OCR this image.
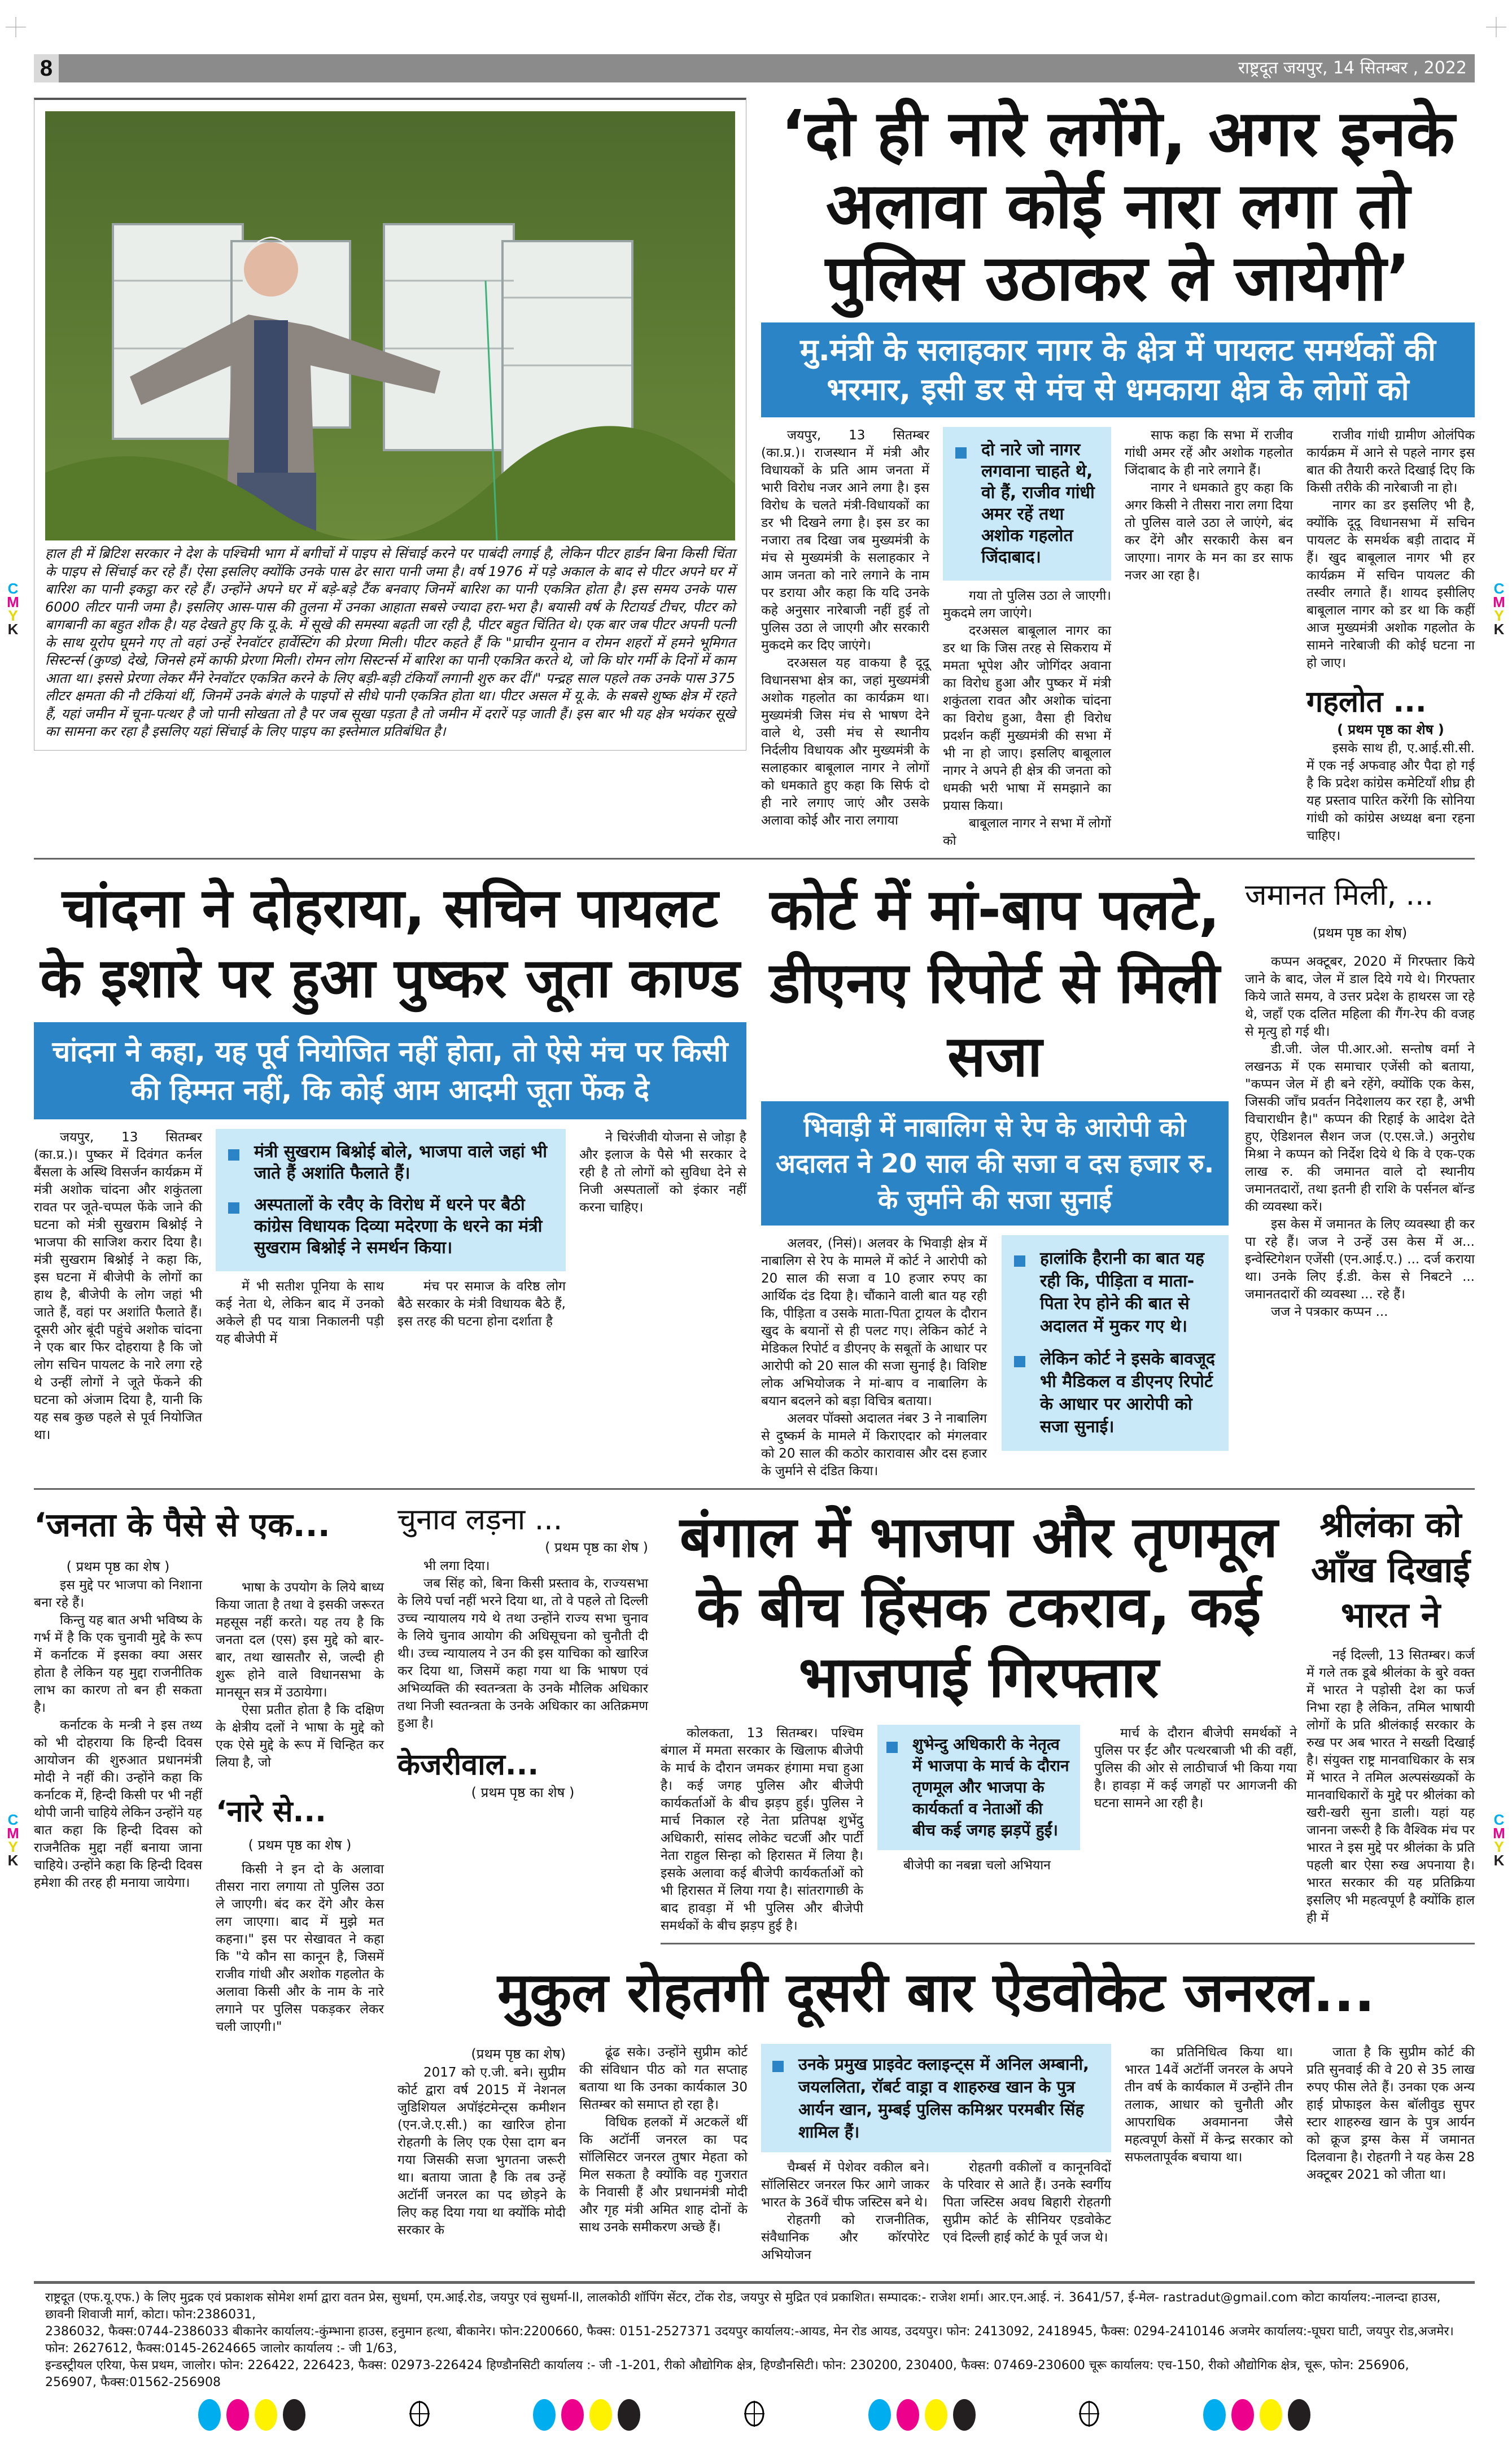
8	राष्ट्रदूत जयपुर, 14 सितम्बर , 2022
हाल ही में ब्रिटिश सरकार ने देश के पश्चिमी भाग में बगीचों में पाइप से सिंचाई करने पर पाबंदी लगाई है, लेकिन पीटर हार्डन बिना किसी चिंता के पाइप से सिंचाई कर रहे हैं। ऐसा इसलिए क्योंकि उनके पास ढेर सारा पानी जमा है। वर्ष 1976 में पड़े अकाल के बाद से पीटर अपने घर में बारिश का पानी इकट्ठा कर रहे हैं। उन्होंने अपने घर में बड़े-बड़े टैंक बनवाए जिनमें बारिश का पानी एकत्रित होता है। इस समय उनके पास 6000 लीटर पानी जमा है। इसलिए आस-पास की तुलना में उनका आहाता सबसे ज्यादा हरा-भरा है। बयासी वर्ष के रिटायर्ड टीचर, पीटर को बागबानी का बहुत शौक है। यह देखते हुए कि यू.के. में सूखे की समस्या बढ़ती जा रही है, पीटर बहुत चिंतित थे। एक बार जब पीटर अपनी पत्नी के साथ यूरोप घूमने गए तो वहां उन्हें रेनवॉटर हार्वेस्टिंग की प्रेरणा मिली। पीटर कहते हैं कि "प्राचीन यूनान व रोमन शहरों में हमने भूमिगत सिस्टर्न्स (कुण्ड) देखे, जिनसे हमें काफी प्रेरणा मिली। रोमन लोग सिस्टर्न्स में बारिश का पानी एकत्रित करते थे, जो कि घोर गर्मी के दिनों में काम आता था। इससे प्रेरणा लेकर मैंने रेनवॉटर एकत्रित करने के लिए बड़ी-बड़ी टंकियाँ लगानी शुरु कर दीं।" पन्द्रह साल पहले तक उनके पास 375 लीटर क्षमता की नौ टंकियां थीं, जिनमें उनके बंगले के पाइपों से सीधे पानी एकत्रित होता था। पीटर असल में यू.के. के सबसे शुष्क क्षेत्र में रहते हैं, यहां जमीन में चूना-पत्थर है जो पानी सोखता तो है पर जब सूखा पड़ता है तो जमीन में दरारें पड़ जाती हैं। इस बार भी यह क्षेत्र भयंकर सूखे का सामना कर रहा है इसलिए यहां सिंचाई के लिए पाइप का इस्तेमाल प्रतिबंधित है।
‘दो ही नारे लगेंगे, अगर इनके अलावा कोई नारा लगा तो पुलिस उठाकर ले जायेगी’
मु.मंत्री के सलाहकार नागर के क्षेत्र में पायलट समर्थकों की भरमार, इसी डर से मंच से धमकाया क्षेत्र के लोगों को

जयपुर, 13 सितम्बर (का.प्र.)। राजस्थान में मंत्री और विधायकों के प्रति आम जनता में भारी विरोध नजर आने लगा है। इस विरोध के चलते मंत्री-विधायकों का डर भी दिखने लगा है। इस डर का नजारा तब दिखा जब मुख्यमंत्री के मंच से मुख्यमंत्री के सलाहकार ने आम जनता को नारे लगाने के नाम पर डराया और कहा कि यदि उनके कहे अनुसार नारेबाजी नहीं हुई तो पुलिस उठा ले जाएगी और सरकारी मुकदमे कर दिए जाएंगे।

दरअसल यह वाकया है दूदू विधानसभा क्षेत्र का, जहां मुख्यमंत्री अशोक गहलोत का कार्यक्रम था। मुख्यमंत्री जिस मंच से भाषण देने वाले थे, उसी मंच से स्थानीय निर्दलीय विधायक और मुख्यमंत्री के सलाहकार बाबूलाल नागर ने लोगों को धमकाते हुए कहा कि सिर्फ दो ही नारे लगाए जाएं और उसके अलावा कोई और नारा लगाया

दो नारे जो नागर लगवाना चाहते थे, वो हैं, राजीव गांधी अमर रहें तथा अशोक गहलोत जिंदाबाद।

गया तो पुलिस उठा ले जाएगी। मुकदमे लग जाएंगे।

दरअसल बाबूलाल नागर का डर था कि जिस तरह से सिकराय में ममता भूपेश और जोगिंदर अवाना का विरोध हुआ और पुष्कर में मंत्री शकुंतला रावत और अशोक चांदना का विरोध हुआ, वैसा ही विरोध प्रदर्शन कहीं मुख्यमंत्री की सभा में भी ना हो जाए। इसलिए बाबूलाल नागर ने अपने ही क्षेत्र की जनता को धमकी भरी भाषा में समझाने का प्रयास किया।

बाबूलाल नागर ने सभा में लोगों को

साफ कहा कि सभा में राजीव गांधी अमर रहें और अशोक गहलोत जिंदाबाद के ही नारे लगाने हैं।

नागर ने धमकाते हुए कहा कि अगर किसी ने तीसरा नारा लगा दिया तो पुलिस वाले उठा ले जाएंगे, बंद कर देंगे और सरकारी केस बन जाएगा। नागर के मन का डर साफ नजर आ रहा है।

राजीव गांधी ग्रामीण ओलंपिक कार्यक्रम में आने से पहले नागर इस बात की तैयारी करते दिखाई दिए कि किसी तरीके की नारेबाजी ना हो।

नागर का डर इसलिए भी है, क्योंकि दूदू विधानसभा में सचिन पायलट के समर्थक बड़ी तादाद में हैं। खुद बाबूलाल नागर भी हर कार्यक्रम में सचिन पायलट की तस्वीर लगाते हैं। शायद इसीलिए बाबूलाल नागर को डर था कि कहीं आज मुख्यमंत्री अशोक गहलोत के सामने नारेबाजी की कोई घटना ना हो जाए।

गहलोत ...
( प्रथम पृष्ठ का शेष )

इसके साथ ही, ए.आई.सी.सी. में एक नई अफवाह और पैदा हो गई है कि प्रदेश कांग्रेस कमेटियाँ शीघ्र ही यह प्रस्ताव पारित करेंगी कि सोनिया गांधी को कांग्रेस अध्यक्ष बना रहना चाहिए।

चांदना ने दोहराया, सचिन पायलट के इशारे पर हुआ पुष्कर जूता काण्ड
चांदना ने कहा, यह पूर्व नियोजित नहीं होता, तो ऐसे मंच पर किसी की हिम्मत नहीं, कि कोई आम आदमी जूता फेंक दे

जयपुर, 13 सितम्बर (का.प्र.)। पुष्कर में दिवंगत कर्नल बैंसला के अस्थि विसर्जन कार्यक्रम में मंत्री अशोक चांदना और शकुंतला रावत पर जूते-चप्पल फेंके जाने की घटना को मंत्री सुखराम बिश्नोई ने भाजपा की साजिश करार दिया है। मंत्री सुखराम बिश्नोई ने कहा कि, इस घटना में बीजेपी के लोगों का हाथ है, बीजेपी के लोग जहां भी जाते हैं, वहां पर अशांति फैलाते हैं। दूसरी ओर बूंदी पहुंचे अशोक चांदना ने एक बार फिर दोहराया है कि जो लोग सचिन पायलट के नारे लगा रहे थे उन्हीं लोगों ने जूते फेंकने की घटना को अंजाम दिया है, यानी कि यह सब कुछ पहले से पूर्व नियोजित था।

मंत्री सुखराम बिश्नोई बोले, भाजपा वाले जहां भी जाते हैं अशांति फैलाते हैं।
अस्पतालों के रवैए के विरोध में धरने पर बैठी कांग्रेस विधायक दिव्या मदेरणा के धरने का मंत्री सुखराम बिश्नोई ने समर्थन किया।

में भी सतीश पूनिया के साथ कई नेता थे, लेकिन बाद में उनको अकेले ही पद यात्रा निकालनी पड़ी यह बीजेपी में

मंच पर समाज के वरिष्ठ लोग बैठे सरकार के मंत्री विधायक बैठे हैं, इस तरह की घटना होना दर्शाता है

ने चिरंजीवी योजना से जोड़ा है और इलाज के पैसे भी सरकार दे रही है तो लोगों को सुविधा देने से निजी अस्पतालों को इंकार नहीं करना चाहिए।

कोर्ट में मां-बाप पलटे, डीएनए रिपोर्ट से मिली सजा
भिवाड़ी में नाबालिग से रेप के आरोपी को अदालत ने 20 साल की सजा व दस हजार रु. के जुर्माने की सजा सुनाई

अलवर, (निसं)। अलवर के भिवाड़ी क्षेत्र में नाबालिग से रेप के मामले में कोर्ट ने आरोपी को 20 साल की सजा व 10 हजार रुपए का आर्थिक दंड दिया है। चौंकाने वाली बात यह रही कि, पीड़िता व उसके माता-पिता ट्रायल के दौरान खुद के बयानों से ही पलट गए। लेकिन कोर्ट ने मेडिकल रिपोर्ट व डीएनए के सबूतों के आधार पर आरोपी को 20 साल की सजा सुनाई है। विशिष्ट लोक अभियोजक ने मां-बाप व नाबालिग के बयान बदलने को बड़ा विचित्र बताया।

अलवर पॉक्सो अदालत नंबर 3 ने नाबालिग से दुष्कर्म के मामले में किराएदार को मंगलवार को 20 साल की कठोर कारावास और दस हजार के जुर्माने से दंडित किया।

हालांकि हैरानी का बात यह रही कि, पीड़िता व माता-पिता रेप होने की बात से अदालत में मुकर गए थे।
लेकिन कोर्ट ने इसके बावजूद भी मैडिकल व डीएनए रिपोर्ट के आधार पर आरोपी को सजा सुनाई।
जमानत मिली, ...
(प्रथम पृष्ठ का शेष)

कप्पन अक्टूबर, 2020 में गिरफ्तार किये जाने के बाद, जेल में डाल दिये गये थे। गिरफ्तार किये जाते समय, वे उत्तर प्रदेश के हाथरस जा रहे थे, जहाँ एक दलित महिला की गैंग-रेप की वजह से मृत्यु हो गई थी।

डी.जी. जेल पी.आर.ओ. सन्तोष वर्मा ने लखनऊ में एक समाचार एजेंसी को बताया, "कप्पन जेल में ही बने रहेंगे, क्योंकि एक केस, जिसकी जाँच प्रवर्तन निदेशालय कर रहा है, अभी विचाराधीन है।" कप्पन की रिहाई के आदेश देते हुए, ऐडिशनल सैशन जज (ए.एस.जे.) अनुरोध मिश्रा ने कप्पन को निर्देश दिये थे कि वे एक-एक लाख रु. की जमानत वाले दो स्थानीय जमानतदारों, तथा इतनी ही राशि के पर्सनल बॉन्ड की व्यवस्था करें।

इस केस में जमानत के लिए व्यवस्था ही कर पा रहे हैं। जज ने उन्हें उस केस में अ... इन्वेस्टिगेशन एजेंसी (एन.आई.ए.) ... दर्ज कराया था। उनके लिए ई.डी. केस से निबटने ... जमानतदारों की व्यवस्था ... रहे हैं।

जज ने पत्रकार कप्पन ...

‘जनता के पैसे से एक...
( प्रथम पृष्ठ का शेष )

इस मुद्दे पर भाजपा को निशाना बना रहे हैं।

किन्तु यह बात अभी भविष्य के गर्भ में है कि एक चुनावी मुद्दे के रूप में कर्नाटक में इसका क्या असर होता है लेकिन यह मुद्दा राजनीतिक लाभ का कारण तो बन ही सकता है।

कर्नाटक के मन्त्री ने इस तथ्य को भी दोहराया कि हिन्दी दिवस आयोजन की शुरुआत प्रधानमंत्री मोदी ने नहीं की। उन्होंने कहा कि कर्नाटक में, हिन्दी किसी पर भी नहीं थोपी जानी चाहिये लेकिन उन्होंने यह बात कहा कि हिन्दी दिवस को राजनैतिक मुद्दा नहीं बनाया जाना चाहिये। उन्होंने कहा कि हिन्दी दिवस हमेशा की तरह ही मनाया जायेगा।

भाषा के उपयोग के लिये बाध्य किया जाता है तथा वे इसकी जरूरत महसूस नहीं करते। यह तय है कि जनता दल (एस) इस मुद्दे को बार-बार, तथा खासतौर से, जल्दी ही शुरू होने वाले विधानसभा के मानसून सत्र में उठायेगा।

ऐसा प्रतीत होता है कि दक्षिण के क्षेत्रीय दलों ने भाषा के मुद्दे को एक ऐसे मुद्दे के रूप में चिन्हित कर लिया है, जो

‘नारे से...
( प्रथम पृष्ठ का शेष )

किसी ने इन दो के अलावा तीसरा नारा लगाया तो पुलिस उठा ले जाएगी। बंद कर देंगे और केस लग जाएगा। बाद में मुझे मत कहना।" इस पर सेखावत ने कहा कि "ये कौन सा कानून है, जिसमें राजीव गांधी और अशोक गहलोत के अलावा किसी और के नाम के नारे लगाने पर पुलिस पकड़कर लेकर चली जाएगी।"

चुनाव लड़ना ...
( प्रथम पृष्ठ का शेष )

भी लगा दिया।

जब सिंह को, बिना किसी प्रस्ताव के, राज्यसभा के लिये पर्चा नहीं भरने दिया था, तो वे पहले तो दिल्ली उच्च न्यायालय गये थे तथा उन्होंने राज्य सभा चुनाव के लिये चुनाव आयोग की अधिसूचना को चुनौती दी थी। उच्च न्यायालय ने उन की इस याचिका को खारिज कर दिया था, जिसमें कहा गया था कि भाषण एवं अभिव्यक्ति की स्वतन्त्रता के उनके मौलिक अधिकार तथा निजी स्वतन्त्रता के उनके अधिकार का अतिक्रमण हुआ है।

केजरीवाल...
( प्रथम पृष्ठ का शेष )
बंगाल में भाजपा और तृणमूल के बीच हिंसक टकराव, कई भाजपाई गिरफ्तार

कोलकता, 13 सितम्बर। पश्चिम बंगाल में ममता सरकार के खिलाफ बीजेपी के मार्च के दौरान जमकर हंगामा मचा हुआ है। कई जगह पुलिस और बीजेपी कार्यकर्ताओं के बीच झड़प हुई। पुलिस ने मार्च निकाल रहे नेता प्रतिपक्ष शुभेंदु अधिकारी, सांसद लोकेट चटर्जी और पार्टी नेता राहुल सिन्हा को हिरासत में लिया है। इसके अलावा कई बीजेपी कार्यकर्ताओं को भी हिरासत में लिया गया है। सांतरागाछी के बाद हावड़ा में भी पुलिस और बीजेपी समर्थकों के बीच झड़प हुई है।

शुभेन्दु अधिकारी के नेतृत्व में भाजपा के मार्च के दौरान तृणमूल और भाजपा के कार्यकर्ता व नेताओं की बीच कई जगह झड़पें हुईं।

बीजेपी का नबन्ना चलो अभियान

मार्च के दौरान बीजेपी समर्थकों ने पुलिस पर ईंट और पत्थरबाजी भी की वहीं, पुलिस की ओर से लाठीचार्ज भी किया गया है। हावड़ा में कई जगहों पर आगजनी की घटना सामने आ रही है।

श्रीलंका को आँख दिखाई भारत ने

नई दिल्ली, 13 सितम्बर। कर्ज में गले तक डूबे श्रीलंका के बुरे वक्त में भारत ने पड़ोसी देश का फर्ज निभा रहा है लेकिन, तमिल भाषायी लोगों के प्रति श्रीलंकाई सरकार के रुख पर अब भारत ने सख्ती दिखाई है। संयुक्त राष्ट्र मानवाधिकार के सत्र में भारत ने तमिल अल्पसंख्यकों के मानवाधिकारों के मुद्दे पर श्रीलंका को खरी-खरी सुना डाली। यहां यह जानना जरूरी है कि वैश्विक मंच पर भारत ने इस मुद्दे पर श्रीलंका के प्रति पहली बार ऐसा रुख अपनाया है। भारत सरकार की यह प्रतिक्रिया इसलिए भी महत्वपूर्ण है क्योंकि हाल ही में

मुकुल रोहतगी दूसरी बार ऐडवोकेट जनरल...
(प्रथम पृष्ठ का शेष)

2017 को ए.जी. बने। सुप्रीम कोर्ट द्वारा वर्ष 2015 में नेशनल जुडिशियल अपॉइंटमेन्ट्स कमीशन (एन.जे.ए.सी.) का खारिज होना रोहतगी के लिए एक ऐसा दाग बन गया जिसकी सजा भुगतना जरूरी था। बताया जाता है कि तब उन्हें अटॉर्नी जनरल का पद छोड़ने के लिए कह दिया गया था क्योंकि मोदी सरकार के

ढूंढ सके। उन्होंने सुप्रीम कोर्ट की संविधान पीठ को गत सप्ताह बताया था कि उनका कार्यकाल 30 सितम्बर को समाप्त हो रहा है।

विधिक हलकों में अटकलें थीं कि अटॉर्नी जनरल का पद सॉलिसिटर जनरल तुषार मेहता को मिल सकता है क्योंकि वह गुजरात के निवासी हैं और प्रधानमंत्री मोदी और गृह मंत्री अमित शाह दोनों के साथ उनके समीकरण अच्छे हैं।

उनके प्रमुख प्राइवेट क्लाइन्ट्स में अनिल अम्बानी, जयललिता, रॉबर्ट वाड्रा व शाहरुख खान के पुत्र आर्यन खान, मुम्बई पुलिस कमिश्नर परमबीर सिंह शामिल हैं।

चैम्बर्स में पेशेवर वकील बने। सॉलिसिटर जनरल फिर आगे जाकर भारत के 36वें चीफ जस्टिस बने थे।

रोहतगी को राजनीतिक, संवैधानिक और कॉरपोरेट अभियोजन

रोहतगी वकीलों व कानूनविदों के परिवार से आते हैं। उनके स्वर्गीय पिता जस्टिस अवध बिहारी रोहतगी सुप्रीम कोर्ट के सीनियर एडवोकेट एवं दिल्ली हाई कोर्ट के पूर्व जज थे।

का प्रतिनिधित्व किया था। भारत 14वें अटॉर्नी जनरल के अपने तीन वर्ष के कार्यकाल में उन्होंने तीन तलाक, आधार को चुनौती और आपराधिक अवमानना जैसे महत्वपूर्ण केसों में केन्द्र सरकार को सफलतापूर्वक बचाया था।

जाता है कि सुप्रीम कोर्ट की प्रति सुनवाई की वे 20 से 35 लाख रुपए फीस लेते हैं। उनका एक अन्य हाई प्रोफाइल केस बॉलीवुड सुपर स्टार शाहरुख खान के पुत्र आर्यन को क्रूज ड्रग्स केस में जमानत दिलवाना है। रोहतगी ने यह केस 28 अक्टूबर 2021 को जीता था।

राष्ट्रदूत (एफ.यू.एफ.) के लिए मुद्रक एवं प्रकाशक सोमेश शर्मा द्वारा वतन प्रेस, सुधर्मा, एम.आई.रोड, जयपुर एवं सुधर्मा-II, लालकोठी शॉपिंग सेंटर, टोंक रोड, जयपुर से मुद्रित एवं प्रकाशित। सम्पादक:- राजेश शर्मा। आर.एन.आई. नं. 3641/57, ई-मेल- rastradut@gmail.com कोटा कार्यालय:-नालन्दा हाउस, छावनी शिवाजी मार्ग, कोटा। फोन:2386031,
2386032, फैक्स:0744-2386033 बीकानेर कार्यालय:-कुंम्भाना हाउस, हनुमान हत्था, बीकानेर। फोन:2200660, फैक्स: 0151-2527371 उदयपुर कार्यालय:-आयड, मेन रोड आयड, उदयपुर। फोन: 2413092, 2418945, फैक्स: 0294-2410146 अजमेर कार्यालय:-घूघरा घाटी, जयपुर रोड,अजमेर। फोन: 2627612, फैक्स:0145-2624665 जालोर कार्यालय :- जी 1/63,
इन्डस्ट्रीयल एरिया, फेस प्रथम, जालोर। फोन: 226422, 226423, फैक्स: 02973-226424 हिण्डौनसिटी कार्यालय :- जी -1-201, रीको औद्योगिक क्षेत्र, हिण्डौनसिटी। फोन: 230200, 230400, फैक्स: 07469-230600 चूरू कार्यालय: एच-150, रीको औद्योगिक क्षेत्र, चूरू, फोन: 256906, 256907, फैक्स:01562-256908
C
M
Y
K
C
M
Y
K
C
M
Y
K
C
M
Y
K
